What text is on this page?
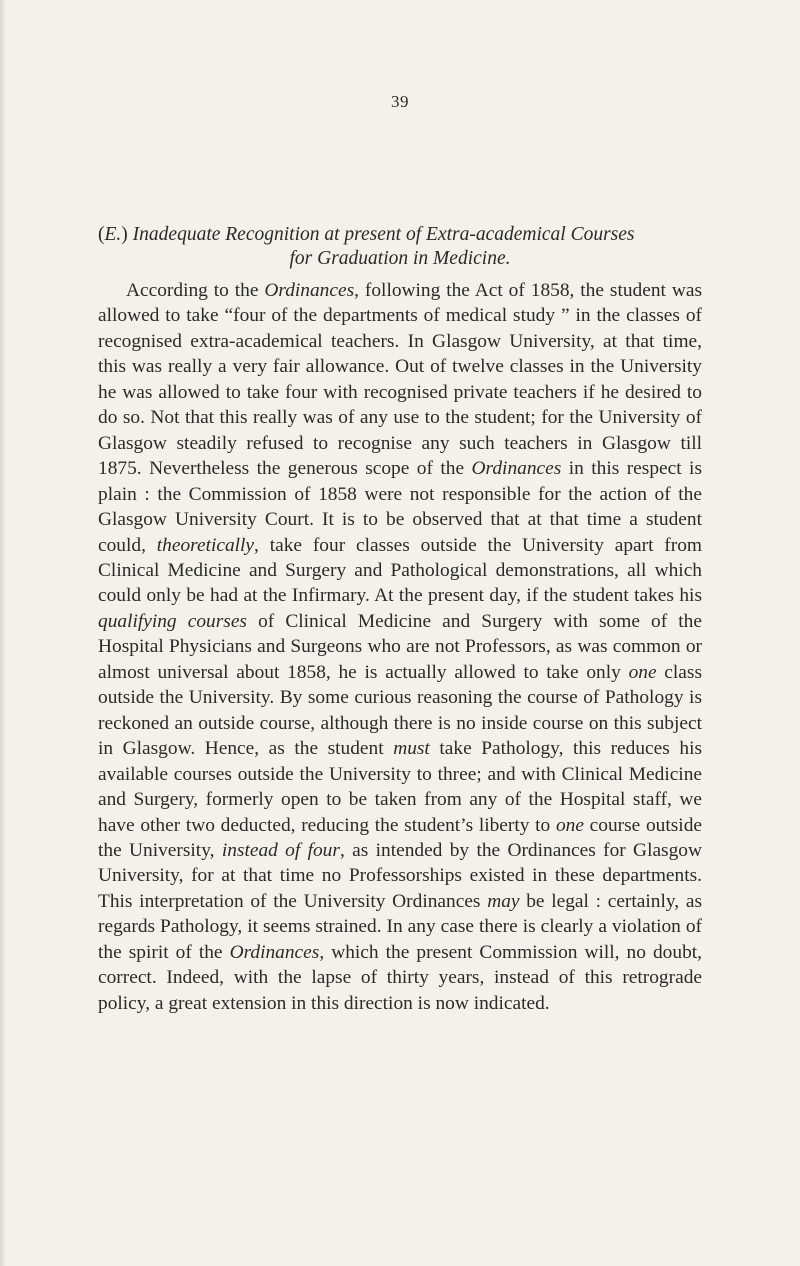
39
(E.) Inadequate Recognition at present of Extra-academical Courses
for Graduation in Medicine.

According to the Ordinances, following the Act of 1858, the student was allowed to take “four of the departments of medical study ” in the classes of recognised extra-academical teachers. In Glasgow University, at that time, this was really a very fair allowance. Out of twelve classes in the University he was allowed to take four with recognised private teachers if he desired to do so. Not that this really was of any use to the student; for the University of Glasgow steadily refused to recognise any such teachers in Glasgow till 1875. Nevertheless the generous scope of the Ordinances in this respect is plain : the Commission of 1858 were not responsible for the action of the Glasgow University Court. It is to be observed that at that time a student could, theoretically, take four classes outside the University apart from Clinical Medicine and Surgery and Pathological demonstrations, all which could only be had at the Infirmary. At the present day, if the student takes his qualifying courses of Clinical Medicine and Surgery with some of the Hospital Physicians and Surgeons who are not Professors, as was common or almost universal about 1858, he is actually allowed to take only one class outside the University. By some curious reasoning the course of Pathology is reckoned an outside course, although there is no inside course on this subject in Glasgow. Hence, as the student must take Pathology, this reduces his available courses outside the University to three; and with Clinical Medicine and Surgery, formerly open to be taken from any of the Hospital staff, we have other two deducted, reducing the student’s liberty to one course outside the University, instead of four, as intended by the Ordinances for Glasgow University, for at that time no Professorships existed in these departments. This interpretation of the University Ordinances may be legal : certainly, as regards Pathology, it seems strained. In any case there is clearly a violation of the spirit of the Ordinances, which the present Commission will, no doubt, correct. Indeed, with the lapse of thirty years, instead of this retrograde policy, a great extension in this direction is now indicated.
